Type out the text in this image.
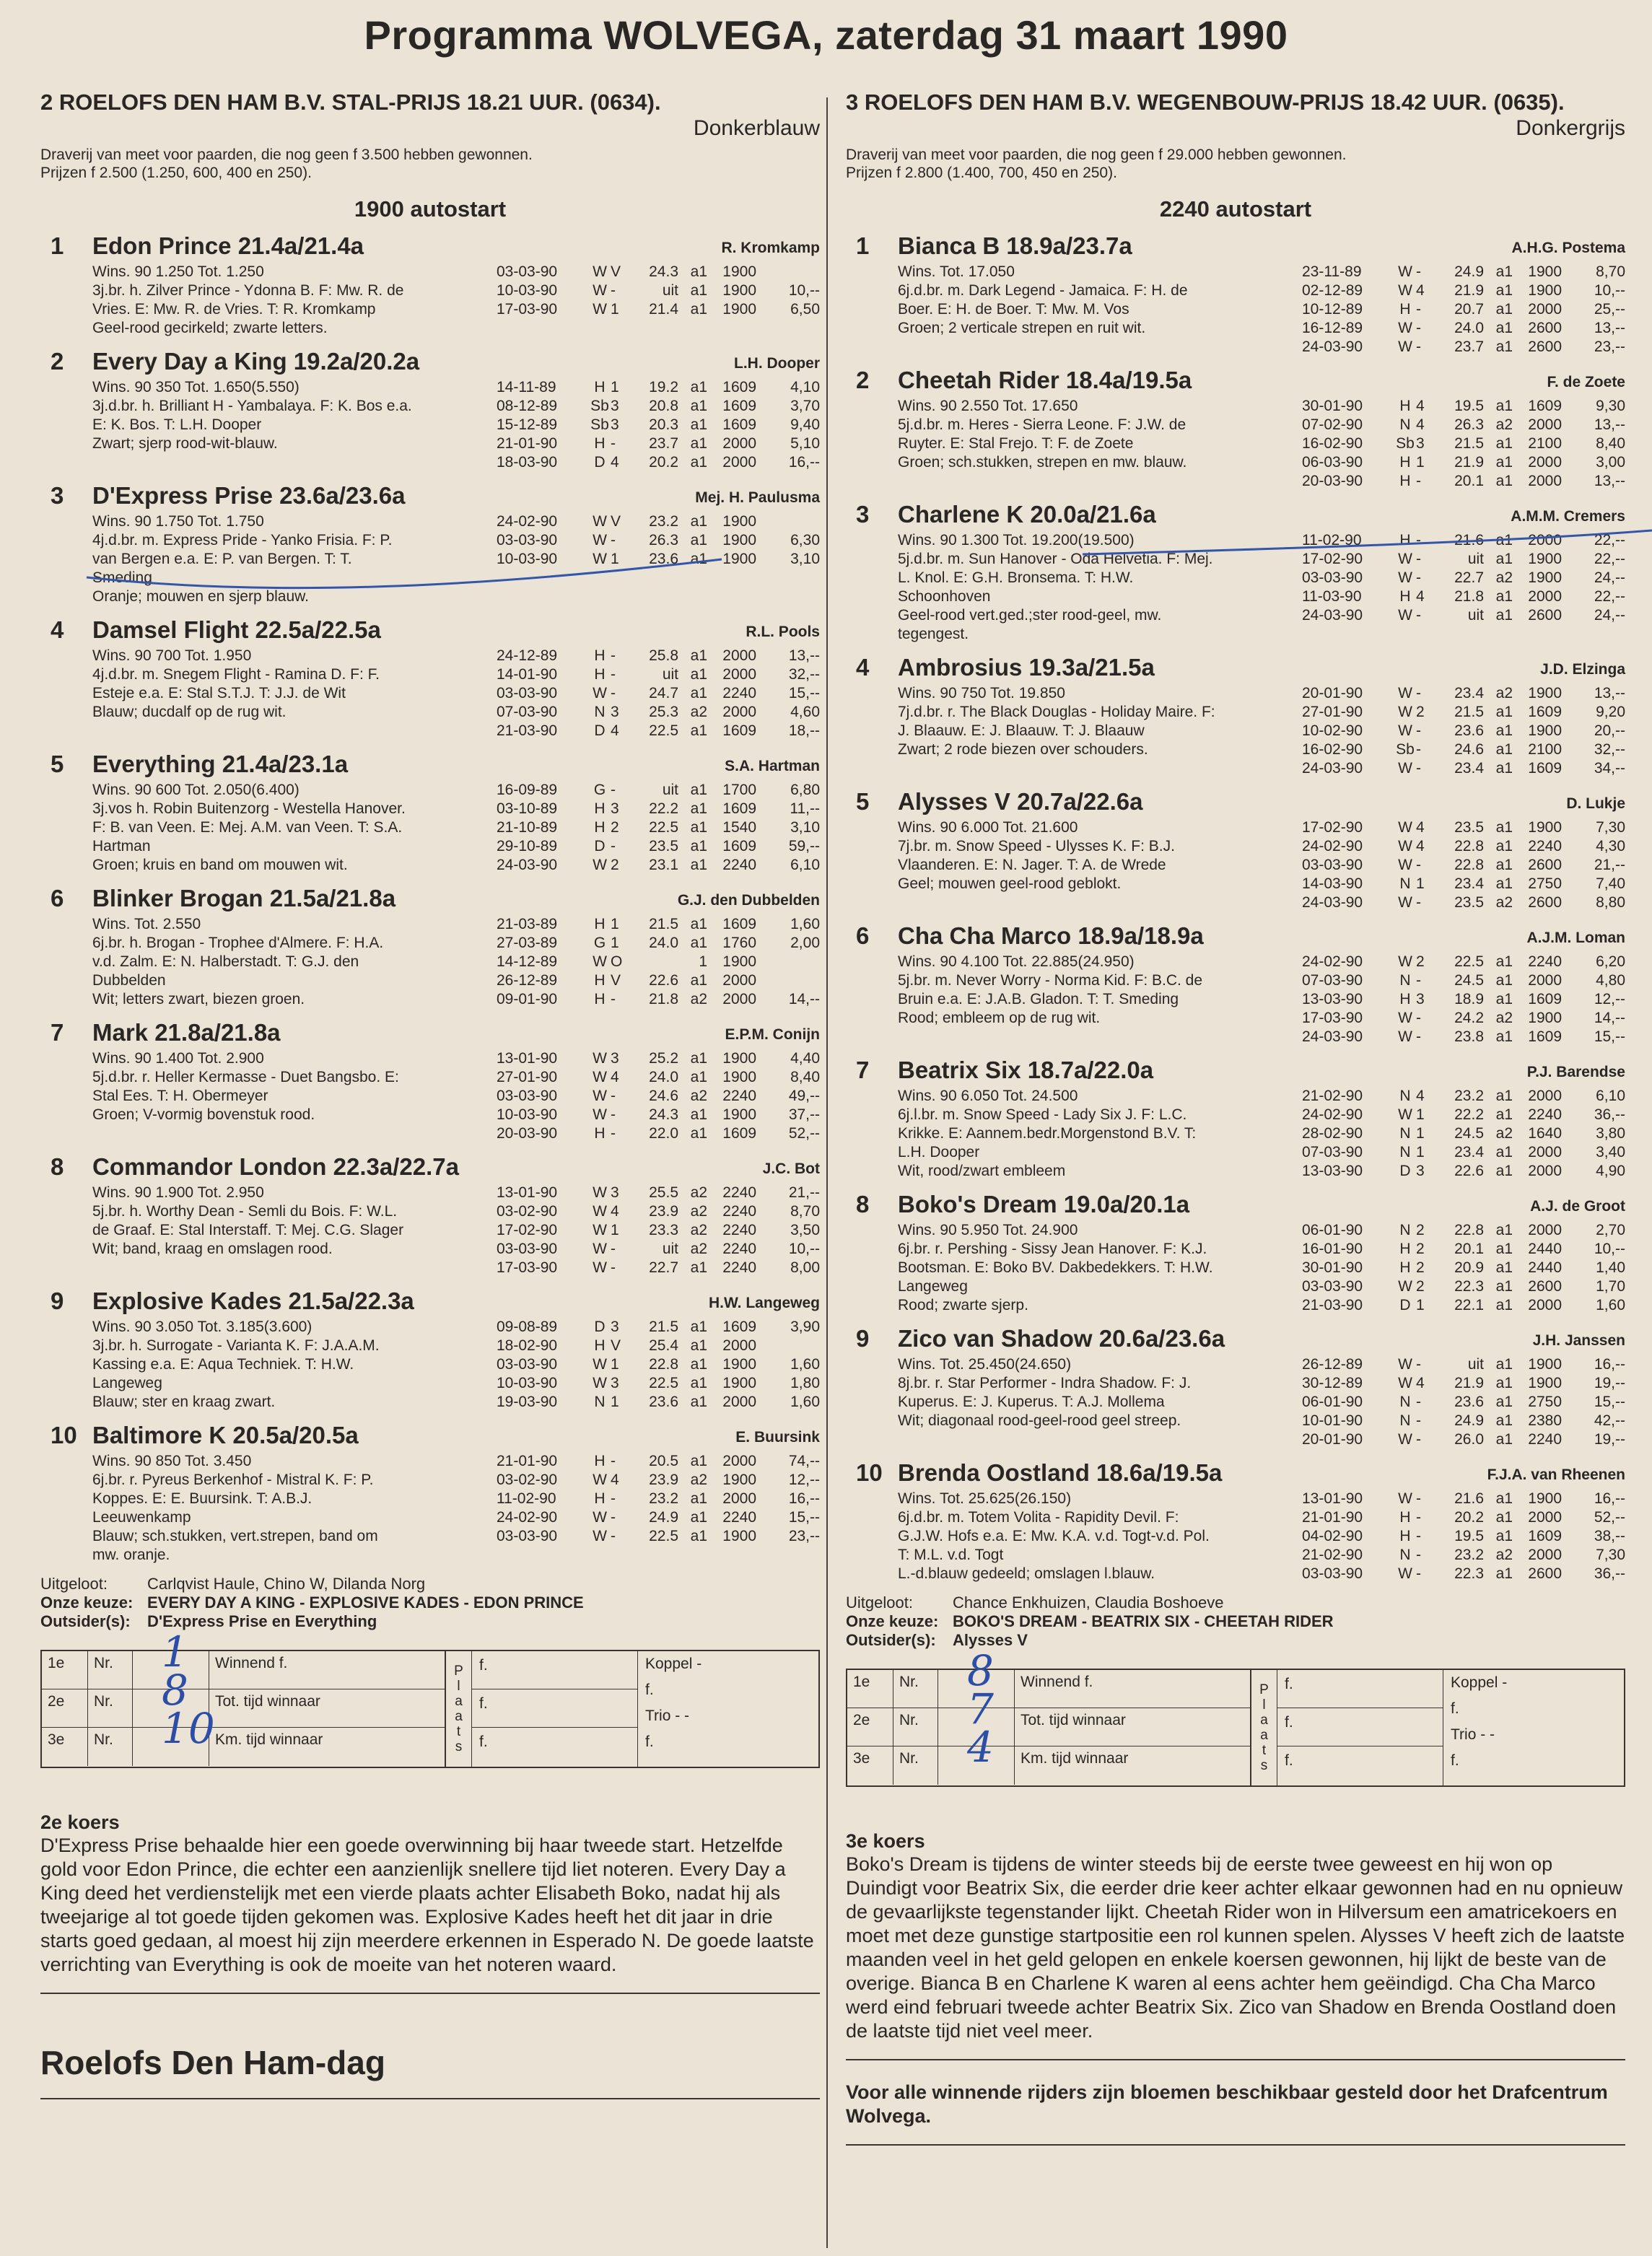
Programma WOLVEGA, zaterdag 31 maart 1990
2 ROELOFS DEN HAM B.V. STAL-PRIJS 18.21 UUR. (0634).
Donkerblauw
Draverij van meet voor paarden, die nog geen f 3.500 hebben gewonnen.
Prijzen f 2.500 (1.250, 600, 400 en 250).
1900 autostart
1	Edon Prince 21.4a/21.4a	R. Kromkamp
Wins. 90 1.250 Tot. 1.250
3j.br. h. Zilver Prince - Ydonna B. F: Mw. R. de
Vries. E: Mw. R. de Vries. T: R. Kromkamp
Geel-rood gecirkeld; zwarte letters.
03-03-90	W V	24.3 a1	1900
10-03-90	W -	uit a1	1900	10,--
17-03-90	W 1	21.4 a1	1900	6,50
2	Every Day a King 19.2a/20.2a	L.H. Dooper
Wins. 90 350 Tot. 1.650(5.550)
3j.d.br. h. Brilliant H - Yambalaya. F: K. Bos e.a.
E: K. Bos. T: L.H. Dooper
Zwart; sjerp rood-wit-blauw.
14-11-89	H 1	19.2 a1	1609	4,10
08-12-89	Sb 3	20.8 a1	1609	3,70
15-12-89	Sb 3	20.3 a1	1609	9,40
21-01-90	H -	23.7 a1	2000	5,10
18-03-90	D 4	20.2 a1	2000	16,--
3	D'Express Prise 23.6a/23.6a	Mej. H. Paulusma
Wins. 90 1.750 Tot. 1.750
4j.d.br. m. Express Pride - Yanko Frisia. F: P.
van Bergen e.a. E: P. van Bergen. T: T.
Smeding
Oranje; mouwen en sjerp blauw.
24-02-90	W V	23.2 a1	1900
03-03-90	W -	26.3 a1	1900	6,30
10-03-90	W 1	23.6 a1	1900	3,10
4	Damsel Flight 22.5a/22.5a	R.L. Pools
Wins. 90 700 Tot. 1.950
4j.d.br. m. Snegem Flight - Ramina D. F: F.
Esteje e.a. E: Stal S.T.J. T: J.J. de Wit
Blauw; ducdalf op de rug wit.
24-12-89	H -	25.8 a1	2000	13,--
14-01-90	H -	uit a1	2000	32,--
03-03-90	W -	24.7 a1	2240	15,--
07-03-90	N 3	25.3 a2	2000	4,60
21-03-90	D 4	22.5 a1	1609	18,--
5	Everything 21.4a/23.1a	S.A. Hartman
Wins. 90 600 Tot. 2.050(6.400)
3j.vos h. Robin Buitenzorg - Westella Hanover.
F: B. van Veen. E: Mej. A.M. van Veen. T: S.A.
Hartman
Groen; kruis en band om mouwen wit.
16-09-89	G -	uit a1	1700	6,80
03-10-89	H 3	22.2 a1	1609	11,--
21-10-89	H 2	22.5 a1	1540	3,10
29-10-89	D -	23.5 a1	1609	59,--
24-03-90	W 2	23.1 a1	2240	6,10
6	Blinker Brogan 21.5a/21.8a	G.J. den Dubbelden
Wins. Tot. 2.550
6j.br. h. Brogan - Trophee d'Almere. F: H.A.
v.d. Zalm. E: N. Halberstadt. T: G.J. den
Dubbelden
Wit; letters zwart, biezen groen.
21-03-89	H 1	21.5 a1	1609	1,60
27-03-89	G 1	24.0 a1	1760	2,00
14-12-89	W O	1	1900
26-12-89	H V	22.6 a1	2000
09-01-90	H -	21.8 a2	2000	14,--
7	Mark 21.8a/21.8a	E.P.M. Conijn
Wins. 90 1.400 Tot. 2.900
5j.d.br. r. Heller Kermasse - Duet Bangsbo. E:
Stal Ees. T: H. Obermeyer
Groen; V-vormig bovenstuk rood.
13-01-90	W 3	25.2 a1	1900	4,40
27-01-90	W 4	24.0 a1	1900	8,40
03-03-90	W -	24.6 a2	2240	49,--
10-03-90	W -	24.3 a1	1900	37,--
20-03-90	H -	22.0 a1	1609	52,--
8	Commandor London 22.3a/22.7a	J.C. Bot
Wins. 90 1.900 Tot. 2.950
5j.br. h. Worthy Dean - Semli du Bois. F: W.L.
de Graaf. E: Stal Interstaff. T: Mej. C.G. Slager
Wit; band, kraag en omslagen rood.
13-01-90	W 3	25.5 a2	2240	21,--
03-02-90	W 4	23.9 a2	2240	8,70
17-02-90	W 1	23.3 a2	2240	3,50
03-03-90	W -	uit a2	2240	10,--
17-03-90	W -	22.7 a1	2240	8,00
9	Explosive Kades 21.5a/22.3a	H.W. Langeweg
Wins. 90 3.050 Tot. 3.185(3.600)
3j.br. h. Surrogate - Varianta K. F: J.A.A.M.
Kassing e.a. E: Aqua Techniek. T: H.W.
Langeweg
Blauw; ster en kraag zwart.
09-08-89	D 3	21.5 a1	1609	3,90
18-02-90	H V	25.4 a1	2000
03-03-90	W 1	22.8 a1	1900	1,60
10-03-90	W 3	22.5 a1	1900	1,80
19-03-90	N 1	23.6 a1	2000	1,60
10 Baltimore K 20.5a/20.5a	E. Buursink
Wins. 90 850 Tot. 3.450
6j.br. r. Pyreus Berkenhof - Mistral K. F: P.
Koppes. E: E. Buursink. T: A.B.J.
Leeuwenkamp
Blauw; sch.stukken, vert.strepen, band om
mw. oranje.
21-01-90	H -	20.5 a1	2000	74,--
03-02-90	W 4	23.9 a2	1900	12,--
11-02-90	H -	23.2 a1	2000	16,--
24-02-90	W -	24.9 a1	2240	15,--
03-03-90	W -	22.5 a1	1900	23,--
Uitgeloot:	Carlqvist Haule, Chino W, Dilanda Norg
Onze keuze: EVERY DAY A KING - EXPLOSIVE KADES - EDON PRINCE
Outsider(s): D'Express Prise en Everything
1e	Nr.	1	Winnend f.
2e	Nr.	8	Tot. tijd winnaar
3e	Nr.	10 Km. tijd winnaar
P
l
a
a
t
s
f.
f.
f.
Koppel -
f.
Trio - -
f.
2e koers

D'Express Prise behaalde hier een goede overwinning bij haar tweede start. Hetzelfde gold voor Edon Prince, die echter een aanzienlijk snellere tijd liet noteren. Every Day a King deed het verdienstelijk met een vierde plaats achter Elisabeth Boko, nadat hij als tweejarige al tot goede tijden gekomen was. Explosive Kades heeft het dit jaar in drie starts goed gedaan, al moest hij zijn meerdere erkennen in Esperado N. De goede laatste verrichting van Everything is ook de moeite van het noteren waard.

Roelofs Den Ham-dag
3 ROELOFS DEN HAM B.V. WEGENBOUW-PRIJS 18.42 UUR. (0635).
Donkergrijs
Draverij van meet voor paarden, die nog geen f 29.000 hebben gewonnen.
Prijzen f 2.800 (1.400, 700, 450 en 250).
2240 autostart
1	Bianca B 18.9a/23.7a	A.H.G. Postema
Wins. Tot. 17.050
6j.d.br. m. Dark Legend - Jamaica. F: H. de
Boer. E: H. de Boer. T: Mw. M. Vos
Groen; 2 verticale strepen en ruit wit.
23-11-89	W -	24.9 a1	1900	8,70
02-12-89	W 4	21.9 a1	1900	10,--
10-12-89	H -	20.7 a1	2000	25,--
16-12-89	W -	24.0 a1	2600	13,--
24-03-90	W -	23.7 a1	2600	23,--
2	Cheetah Rider 18.4a/19.5a	F. de Zoete
Wins. 90 2.550 Tot. 17.650
5j.d.br. m. Heres - Sierra Leone. F: J.W. de
Ruyter. E: Stal Frejo. T: F. de Zoete
Groen; sch.stukken, strepen en mw. blauw.
30-01-90	H 4	19.5 a1	1609	9,30
07-02-90	N 4	26.3 a2	2000	13,--
16-02-90	Sb 3	21.5 a1	2100	8,40
06-03-90	H 1	21.9 a1	2000	3,00
20-03-90	H -	20.1 a1	2000	13,--
3	Charlene K 20.0a/21.6a	A.M.M. Cremers
Wins. 90 1.300 Tot. 19.200(19.500)
5j.d.br. m. Sun Hanover - Oda Helvetia. F: Mej.
L. Knol. E: G.H. Bronsema. T: H.W.
Schoonhoven
Geel-rood vert.ged.;ster rood-geel, mw.
tegengest.
11-02-90	H -	21.6 a1	2000	22,--
17-02-90	W -	uit a1	1900	22,--
03-03-90	W -	22.7 a2	1900	24,--
11-03-90	H 4	21.8 a1	2000	22,--
24-03-90	W -	uit a1	2600	24,--
4	Ambrosius 19.3a/21.5a	J.D. Elzinga
Wins. 90 750 Tot. 19.850
7j.d.br. r. The Black Douglas - Holiday Maire. F:
J. Blaauw. E: J. Blaauw. T: J. Blaauw
Zwart; 2 rode biezen over schouders.
20-01-90	W -	23.4 a2	1900	13,--
27-01-90	W 2	21.5 a1	1609	9,20
10-02-90	W -	23.6 a1	1900	20,--
16-02-90	Sb -	24.6 a1	2100	32,--
24-03-90	W -	23.4 a1	1609	34,--
5	Alysses V 20.7a/22.6a	D. Lukje
Wins. 90 6.000 Tot. 21.600
7j.br. m. Snow Speed - Ulysses K. F: B.J.
Vlaanderen. E: N. Jager. T: A. de Wrede
Geel; mouwen geel-rood geblokt.
17-02-90	W 4	23.5 a1	1900	7,30
24-02-90	W 4	22.8 a1	2240	4,30
03-03-90	W -	22.8 a1	2600	21,--
14-03-90	N 1	23.4 a1	2750	7,40
24-03-90	W -	23.5 a2	2600	8,80
6	Cha Cha Marco 18.9a/18.9a	A.J.M. Loman
Wins. 90 4.100 Tot. 22.885(24.950)
5j.br. m. Never Worry - Norma Kid. F: B.C. de
Bruin e.a. E: J.A.B. Gladon. T: T. Smeding
Rood; embleem op de rug wit.
24-02-90	W 2	22.5 a1	2240	6,20
07-03-90	N -	24.5 a1	2000	4,80
13-03-90	H 3	18.9 a1	1609	12,--
17-03-90	W -	24.2 a2	1900	14,--
24-03-90	W -	23.8 a1	1609	15,--
7	Beatrix Six 18.7a/22.0a	P.J. Barendse
Wins. 90 6.050 Tot. 24.500
6j.l.br. m. Snow Speed - Lady Six J. F: L.C.
Krikke. E: Aannem.bedr.Morgenstond B.V. T:
L.H. Dooper
Wit, rood/zwart embleem
21-02-90	N 4	23.2 a1	2000	6,10
24-02-90	W 1	22.2 a1	2240	36,--
28-02-90	N 1	24.5 a2	1640	3,80
07-03-90	N 1	23.4 a1	2000	3,40
13-03-90	D 3	22.6 a1	2000	4,90
8	Boko's Dream 19.0a/20.1a	A.J. de Groot
Wins. 90 5.950 Tot. 24.900
6j.br. r. Pershing - Sissy Jean Hanover. F: K.J.
Bootsman. E: Boko BV. Dakbedekkers. T: H.W.
Langeweg
Rood; zwarte sjerp.
06-01-90	N 2	22.8 a1	2000	2,70
16-01-90	H 2	20.1 a1	2440	10,--
30-01-90	H 2	20.9 a1	2440	1,40
03-03-90	W 2	22.3 a1	2600	1,70
21-03-90	D 1	22.1 a1	2000	1,60
9	Zico van Shadow 20.6a/23.6a	J.H. Janssen
Wins. Tot. 25.450(24.650)
8j.br. r. Star Performer - Indra Shadow. F: J.
Kuperus. E: J. Kuperus. T: A.J. Mollema
Wit; diagonaal rood-geel-rood geel streep.
26-12-89	W -	uit a1	1900	16,--
30-12-89	W 4	21.9 a1	1900	19,--
06-01-90	N -	23.6 a1	2750	15,--
10-01-90	N -	24.9 a1	2380	42,--
20-01-90	W -	26.0 a1	2240	19,--
10 Brenda Oostland 18.6a/19.5a	F.J.A. van Rheenen
Wins. Tot. 25.625(26.150)
6j.d.br. m. Totem Volita - Rapidity Devil. F:
G.J.W. Hofs e.a. E: Mw. K.A. v.d. Togt-v.d. Pol.
T: M.L. v.d. Togt
L.-d.blauw gedeeld; omslagen l.blauw.
13-01-90	W -	21.6 a1	1900	16,--
21-01-90	H -	20.2 a1	2000	52,--
04-02-90	H -	19.5 a1	1609	38,--
21-02-90	N -	23.2 a2	2000	7,30
03-03-90	W -	22.3 a1	2600	36,--
Uitgeloot:	Chance Enkhuizen, Claudia Boshoeve
Onze keuze: BOKO'S DREAM - BEATRIX SIX - CHEETAH RIDER
Outsider(s): Alysses V
1e	Nr.	8	Winnend f.
2e	Nr.	7	Tot. tijd winnaar
3e	Nr.	4	Km. tijd winnaar
P
l
a
a
t
s
f.
f.
f.
Koppel -
f.
Trio - -
f.
3e koers

Boko's Dream is tijdens de winter steeds bij de eerste twee geweest en hij won op Duindigt voor Beatrix Six, die eerder drie keer achter elkaar gewonnen had en nu opnieuw de gevaarlijkste tegenstander lijkt. Cheetah Rider won in Hilversum een amatricekoers en moet met deze gunstige startpositie een rol kunnen spelen. Alysses V heeft zich de laatste maanden veel in het geld gelopen en enkele koersen gewonnen, hij lijkt de beste van de overige. Bianca B en Charlene K waren al eens achter hem geëindigd. Cha Cha Marco werd eind februari tweede achter Beatrix Six. Zico van Shadow en Brenda Oostland doen de laatste tijd niet veel meer.

Voor alle winnende rijders zijn bloemen beschikbaar gesteld door het Drafcentrum Wolvega.
